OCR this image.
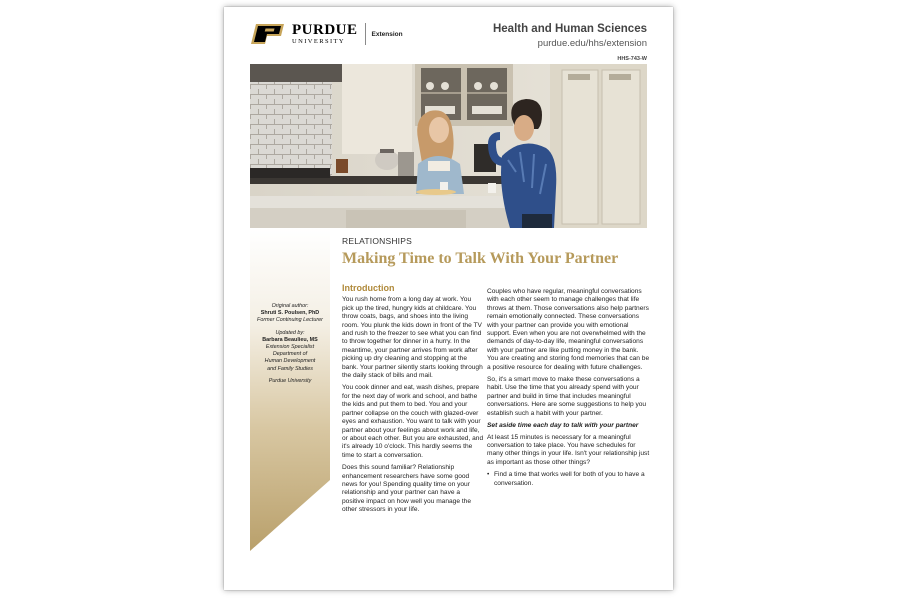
PURDUE
UNIVERSITY
Extension	Health and Human Sciences
purdue.edu/hhs/extension
HHS-743-W
Original author:
Shruti S. Poulsen, PhD
Former Continuing Lecturer
Updated by:
Barbara Beaulieu, MS
Extension Specialist
Department of
Human Development
and Family Studies
Purdue University
RELATIONSHIPS
Making Time to Talk With Your Partner
Introduction

You rush home from a long day at work. You pick up the tired, hungry kids at childcare. You throw coats, bags, and shoes into the living room. You plunk the kids down in front of the TV and rush to the freezer to see what you can find to throw together for dinner in a hurry. In the meantime, your partner arrives from work after picking up dry cleaning and stopping at the bank. Your partner silently starts looking through the daily stack of bills and mail.

You cook dinner and eat, wash dishes, prepare for the next day of work and school, and bathe the kids and put them to bed. You and your partner collapse on the couch with glazed-over eyes and exhaustion. You want to talk with your partner about your feelings about work and life, or about each other. But you are exhausted, and it's already 10 o'clock. This hardly seems the time to start a conversation.

Does this sound familiar? Relationship enhancement researchers have some good news for you! Spending quality time on your relationship and your partner can have a positive impact on how well you manage the other stressors in your life.

Couples who have regular, meaningful conversations with each other seem to manage challenges that life throws at them. Those conversations also help partners remain emotionally connected. These conversations with your partner can provide you with emotional support. Even when you are not overwhelmed with the demands of day-to-day life, meaningful conversations with your partner are like putting money in the bank. You are creating and storing fond memories that can be a positive resource for dealing with future challenges.

So, it's a smart move to make these conversations a habit. Use the time that you already spend with your partner and build in time that includes meaningful conversations. Here are some suggestions to help you establish such a habit with your partner.

Set aside time each day to talk with your partner

At least 15 minutes is necessary for a meaningful conversation to take place. You have schedules for many other things in your life. Isn't your relationship just as important as those other things?

• Find a time that works well for both of you to have a conversation.
